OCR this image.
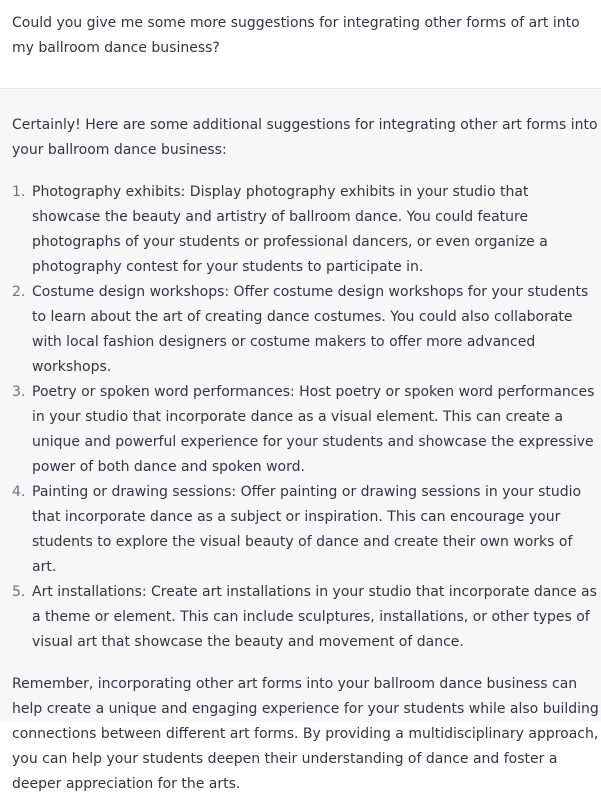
Could you give me some more suggestions for integrating other forms of art into my ballroom dance business?

Certainly! Here are some additional suggestions for integrating other art forms into your ballroom dance business:

1. Photography exhibits: Display photography exhibits in your studio that showcase the beauty and artistry of ballroom dance. You could feature photographs of your students or professional dancers, or even organize a photography contest for your students to participate in.
2. Costume design workshops: Offer costume design workshops for your students to learn about the art of creating dance costumes. You could also collaborate with local fashion designers or costume makers to offer more advanced workshops.
3. Poetry or spoken word performances: Host poetry or spoken word performances in your studio that incorporate dance as a visual element. This can create a unique and powerful experience for your students and showcase the expressive power of both dance and spoken word.
4. Painting or drawing sessions: Offer painting or drawing sessions in your studio that incorporate dance as a subject or inspiration. This can encourage your students to explore the visual beauty of dance and create their own works of art.
5. Art installations: Create art installations in your studio that incorporate dance as a theme or element. This can include sculptures, installations, or other types of visual art that showcase the beauty and movement of dance.

Remember, incorporating other art forms into your ballroom dance business can help create a unique and engaging experience for your students while also building connections between different art forms. By providing a multidisciplinary approach, you can help your students deepen their understanding of dance and foster a deeper appreciation for the arts.
